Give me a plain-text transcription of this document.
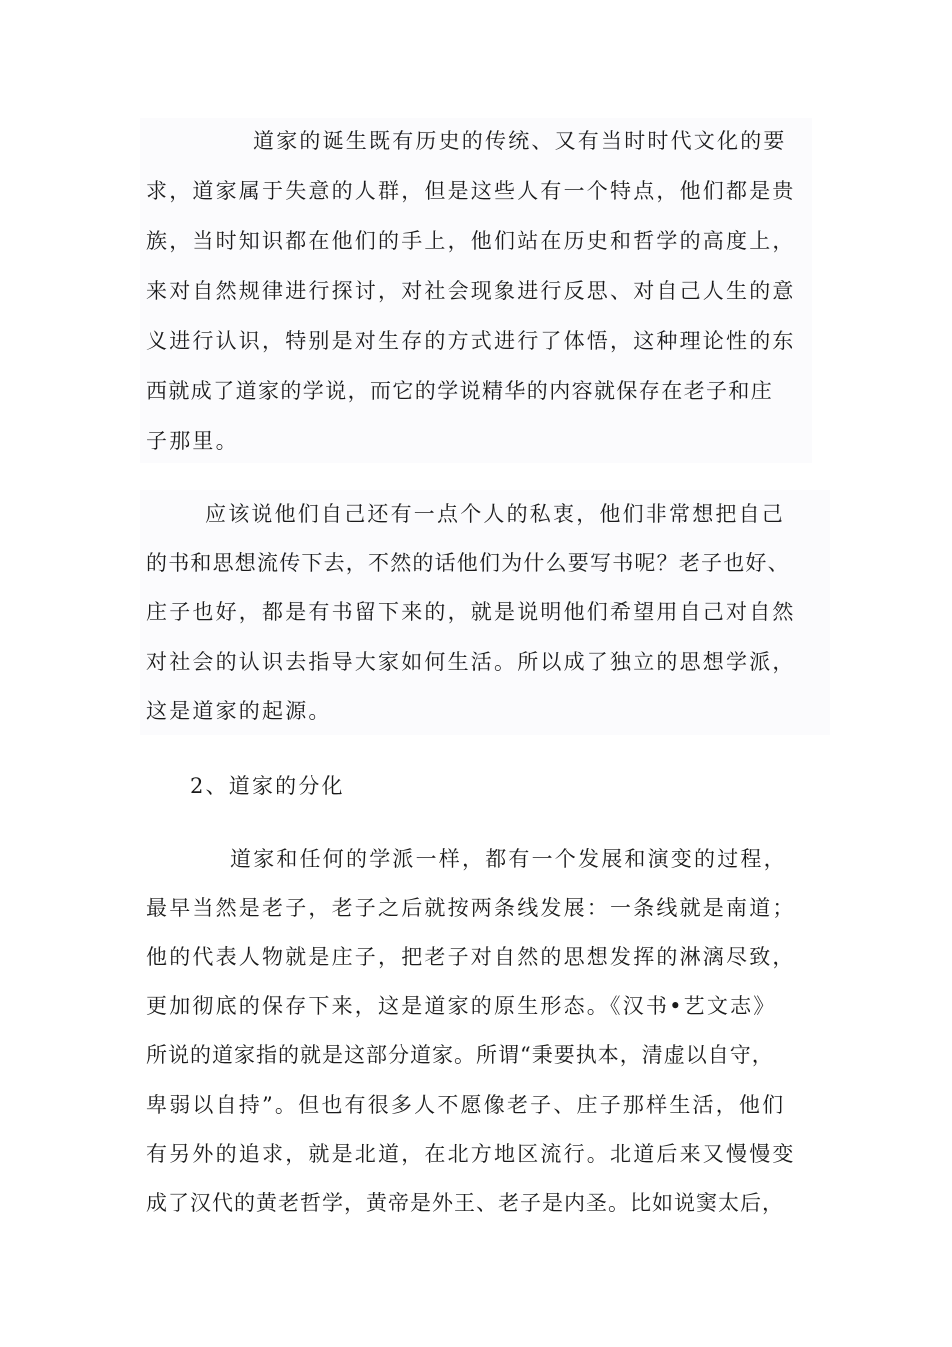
道家的诞生既有历史的传统、又有当时时代文化的要
求，道家属于失意的人群，但是这些人有一个特点，他们都是贵
族，当时知识都在他们的手上，他们站在历史和哲学的高度上，
来对自然规律进行探讨，对社会现象进行反思、对自己人生的意
义进行认识，特别是对生存的方式进行了体悟，这种理论性的东
西就成了道家的学说，而它的学说精华的内容就保存在老子和庄
子那里。
应该说他们自己还有一点个人的私衷，他们非常想把自己
的书和思想流传下去，不然的话他们为什么要写书呢？老子也好、
庄子也好，都是有书留下来的，就是说明他们希望用自己对自然
对社会的认识去指导大家如何生活。所以成了独立的思想学派，
这是道家的起源。
2、道家的分化
道家和任何的学派一样，都有一个发展和演变的过程，
最早当然是老子，老子之后就按两条线发展：一条线就是南道；
他的代表人物就是庄子，把老子对自然的思想发挥的淋漓尽致，
更加彻底的保存下来，这是道家的原生形态。《汉书•艺文志》
所说的道家指的就是这部分道家。所谓“秉要执本，清虚以自守，
卑弱以自持”。但也有很多人不愿像老子、庄子那样生活，他们
有另外的追求，就是北道，在北方地区流行。北道后来又慢慢变
成了汉代的黄老哲学，黄帝是外王、老子是内圣。比如说窦太后，
